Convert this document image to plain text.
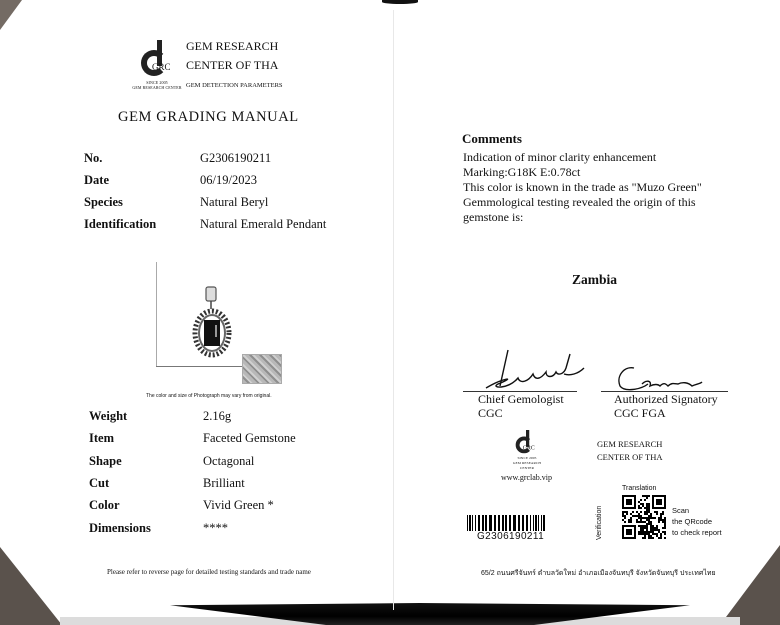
GRC
SINCE 2005
GEM RESEARCH CENTER
GEM RESEARCH
CENTER OF THA
GEM DETECTION PARAMETERS
GEM GRADING MANUAL
No.	G2306190211
Date	06/19/2023
Species	Natural Beryl
Identification	Natural Emerald Pendant
The color and size of Photograph may vary from original.
Weight	2.16g
Item	Faceted Gemstone
Shape	Octagonal
Cut	Brilliant
Color	Vivid Green *
Dimensions	****
Please refer to reverse page for detailed testing standards and trade name
Comments
Indication of minor clarity enhancement
Marking:G18K E:0.78ct
This color is known in the trade as "Muzo Green"
Gemmological testing revealed the origin of this
gemstone is:
Zambia
Chief Gemologist
CGC
Authorized Signatory
CGC FGA
GRC
SINCE 2005
GEM RESEARCH CENTER
www.grclab.vip
GEM RESEARCH
CENTER OF THA
G2306190211
Translation
Verification	Scan
the QRcode
to check report
65/2 ถนนศรีจันทร์ ตำบลวัดใหม่ อำเภอเมืองจันทบุรี จังหวัดจันทบุรี ประเทศไทย
